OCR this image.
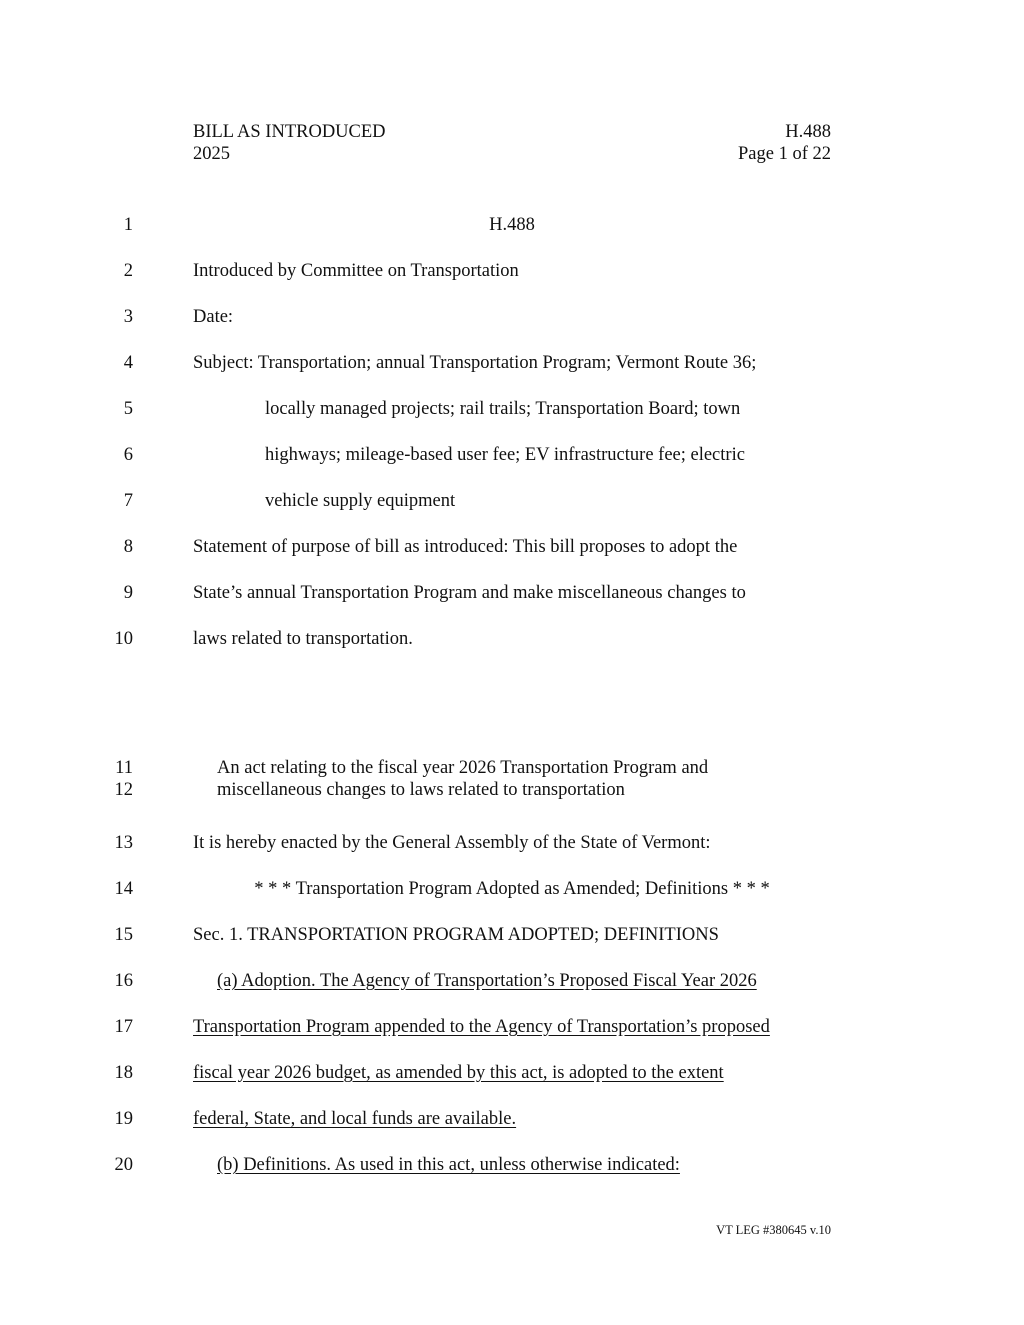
BILL AS INTRODUCED
2025
H.488
Page 1 of 22
1	H.488
2	Introduced by Committee on Transportation
3	Date:
4	Subject: Transportation; annual Transportation Program; Vermont Route 36;
5	locally managed projects; rail trails; Transportation Board; town
6	highways; mileage-based user fee; EV infrastructure fee; electric
7	vehicle supply equipment
8	Statement of purpose of bill as introduced: This bill proposes to adopt the
9	State’s annual Transportation Program and make miscellaneous changes to
10	laws related to transportation.
11	An act relating to the fiscal year 2026 Transportation Program and
12	miscellaneous changes to laws related to transportation
13	It is hereby enacted by the General Assembly of the State of Vermont:
14	* * * Transportation Program Adopted as Amended; Definitions * * *
15	Sec. 1. TRANSPORTATION PROGRAM ADOPTED; DEFINITIONS
16	(a) Adoption. The Agency of Transportation’s Proposed Fiscal Year 2026
17	Transportation Program appended to the Agency of Transportation’s proposed
18	fiscal year 2026 budget, as amended by this act, is adopted to the extent
19	federal, State, and local funds are available.
20	(b) Definitions. As used in this act, unless otherwise indicated:
VT LEG #380645 v.10
